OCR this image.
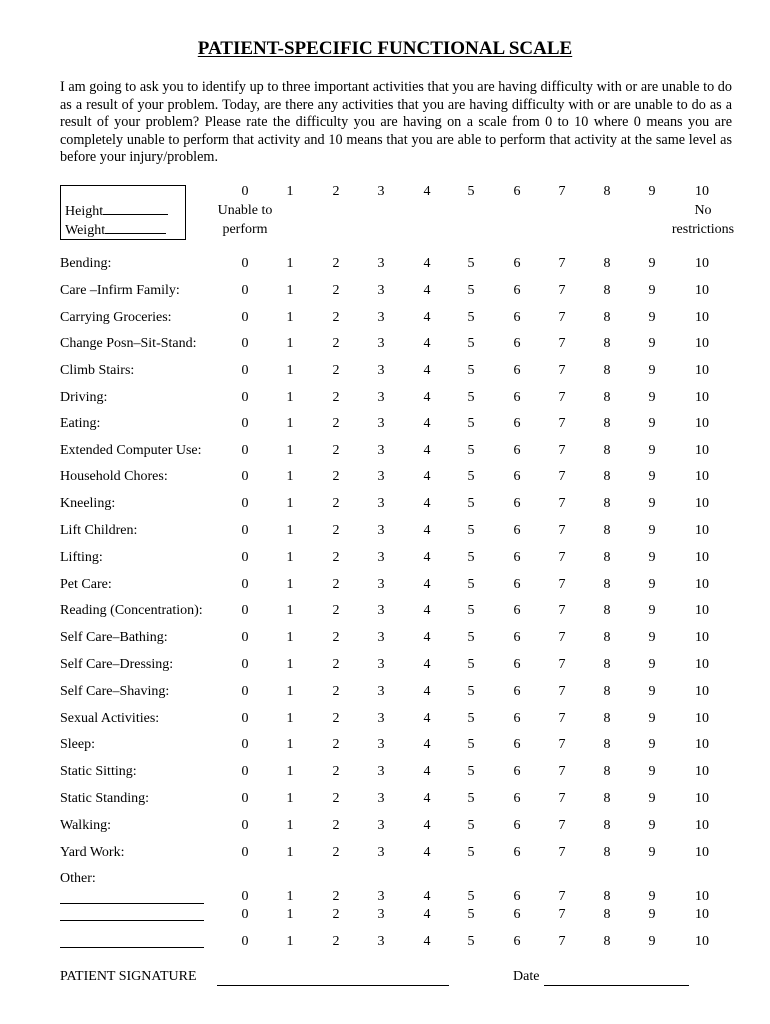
PATIENT-SPECIFIC FUNCTIONAL SCALE
I am going to ask you to identify up to three important activities that you are having difficulty with or are unable to do as a result of your problem. Today, are there any activities that you are having difficulty with or are unable to do as a result of your problem? Please rate the difficulty you are having on a scale from 0 to 10 where 0 means you are completely unable to perform that activity and 10 means that you are able to perform that activity at the same level as before your injury/problem.
Height
Weight
0	1	2	3	4	5	6	7	8	9	10
Unable to
perform
No
restrictions
Bending:	0	1	2	3	4	5	6	7	8	9	10
Care –Infirm Family:	0	1	2	3	4	5	6	7	8	9	10
Carrying Groceries:	0	1	2	3	4	5	6	7	8	9	10
Change Posn–Sit-Stand:	0	1	2	3	4	5	6	7	8	9	10
Climb Stairs:	0	1	2	3	4	5	6	7	8	9	10
Driving:	0	1	2	3	4	5	6	7	8	9	10
Eating:	0	1	2	3	4	5	6	7	8	9	10
Extended Computer Use:	0	1	2	3	4	5	6	7	8	9	10
Household Chores:	0	1	2	3	4	5	6	7	8	9	10
Kneeling:	0	1	2	3	4	5	6	7	8	9	10
Lift Children:	0	1	2	3	4	5	6	7	8	9	10
Lifting:	0	1	2	3	4	5	6	7	8	9	10
Pet Care:	0	1	2	3	4	5	6	7	8	9	10
Reading (Concentration):	0	1	2	3	4	5	6	7	8	9	10
Self Care–Bathing:	0	1	2	3	4	5	6	7	8	9	10
Self Care–Dressing:	0	1	2	3	4	5	6	7	8	9	10
Self Care–Shaving:	0	1	2	3	4	5	6	7	8	9	10
Sexual Activities:	0	1	2	3	4	5	6	7	8	9	10
Sleep:	0	1	2	3	4	5	6	7	8	9	10
Static Sitting:	0	1	2	3	4	5	6	7	8	9	10
Static Standing:	0	1	2	3	4	5	6	7	8	9	10
Walking:	0	1	2	3	4	5	6	7	8	9	10
Yard Work:	0	1	2	3	4	5	6	7	8	9	10
Other:
0	1	2	3	4	5	6	7	8	9	10
0	1	2	3	4	5	6	7	8	9	10
0	1	2	3	4	5	6	7	8	9	10
PATIENT SIGNATURE	Date
